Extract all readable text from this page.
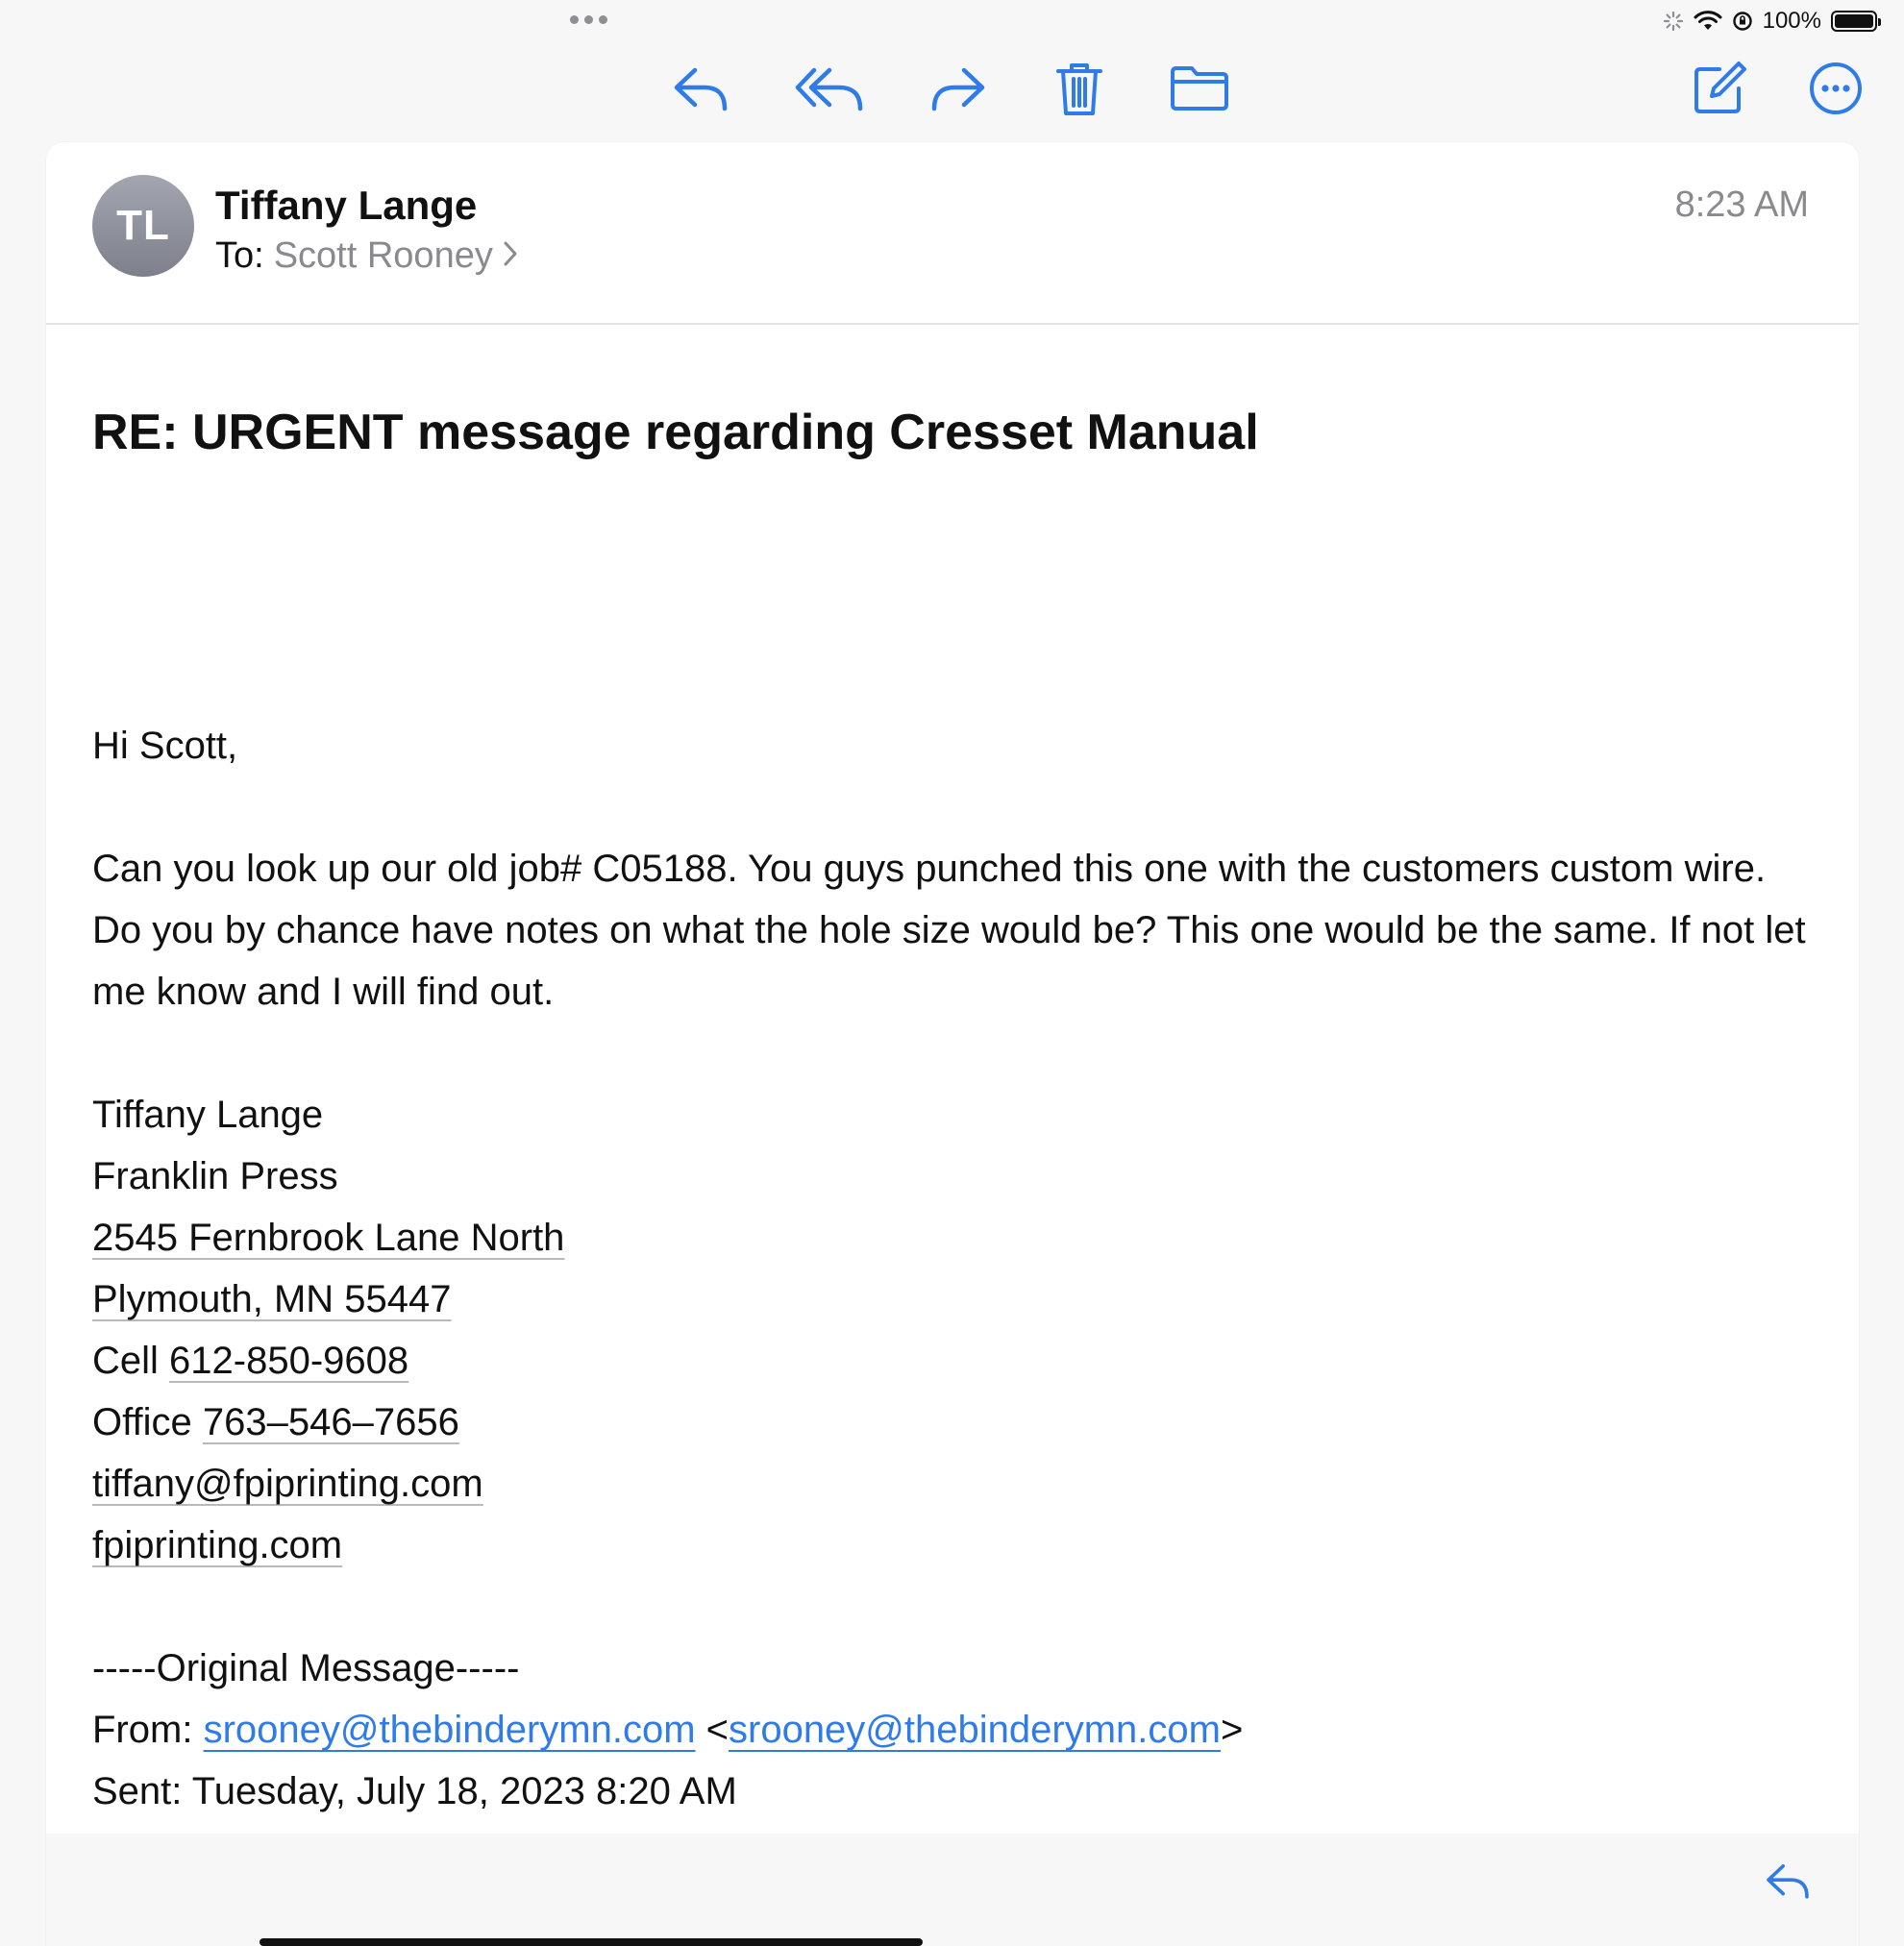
100%
TL	Tiffany Lange
To: Scott Rooney
8:23 AM
RE: URGENT message regarding Cresset Manual

Hi Scott,

Can you look up our old job# C05188. You guys punched this one with the customers custom wire. Do you by chance have notes on what the hole size would be? This one would be the same. If not let me know and I will find out.

Tiffany Lange

Franklin Press

2545 Fernbrook Lane North

Plymouth, MN 55447

Cell 612-850-9608

Office 763–546–7656

tiffany@fpiprinting.com

fpiprinting.com

-----Original Message-----

From: srooney@thebinderymn.com <srooney@thebinderymn.com>

Sent: Tuesday, July 18, 2023 8:20 AM
